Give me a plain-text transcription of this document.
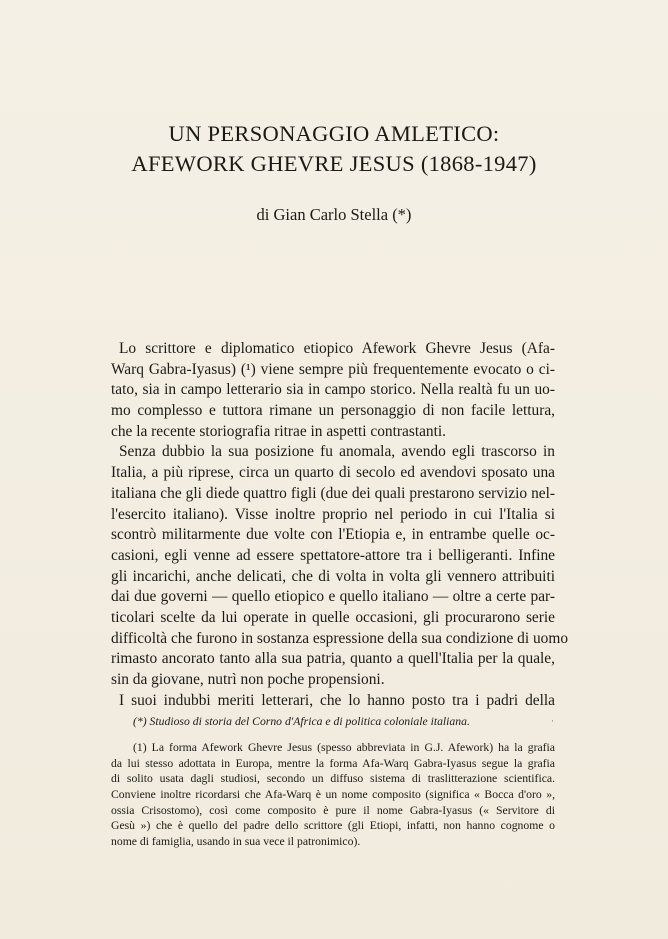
UN PERSONAGGIO AMLETICO:
AFEWORK GHEVRE JESUS (1868-1947)
di Gian Carlo Stella (*)
Lo scrittore e diplomatico etiopico Afework Ghevre Jesus (Afa-
Warq Gabra-Iyasus) (¹) viene sempre più frequentemente evocato o ci-
tato, sia in campo letterario sia in campo storico. Nella realtà fu un uo-
mo complesso e tuttora rimane un personaggio di non facile lettura,
che la recente storiografia ritrae in aspetti contrastanti.
Senza dubbio la sua posizione fu anomala, avendo egli trascorso in
Italia, a più riprese, circa un quarto di secolo ed avendovi sposato una
italiana che gli diede quattro figli (due dei quali prestarono servizio nel-
l'esercito italiano). Visse inoltre proprio nel periodo in cui l'Italia si
scontrò militarmente due volte con l'Etiopia e, in entrambe quelle oc-
casioni, egli venne ad essere spettatore-attore tra i belligeranti. Infine
gli incarichi, anche delicati, che di volta in volta gli vennero attribuiti
dai due governi — quello etiopico e quello italiano — oltre a certe par-
ticolari scelte da lui operate in quelle occasioni, gli procurarono serie
difficoltà che furono in sostanza espressione della sua condizione di uomo
rimasto ancorato tanto alla sua patria, quanto a quell'Italia per la quale,
sin da giovane, nutrì non poche propensioni.
I suoi indubbi meriti letterari, che lo hanno posto tra i padri della
(*) Studioso di storia del Corno d'Africa e di politica coloniale italiana.	·
(1) La forma Afework Ghevre Jesus (spesso abbreviata in G.J. Afework) ha la grafia
da lui stesso adottata in Europa, mentre la forma Afa-Warq Gabra-Iyasus segue la grafia
di solito usata dagli studiosi, secondo un diffuso sistema di traslitterazione scientifica.
Conviene inoltre ricordarsi che Afa-Warq è un nome composito (significa « Bocca d'oro »,
ossia Crisostomo), così come composito è pure il nome Gabra-Iyasus (« Servitore di
Gesù ») che è quello del padre dello scrittore (gli Etiopi, infatti, non hanno cognome o
nome di famiglia, usando in sua vece il patronimico).
